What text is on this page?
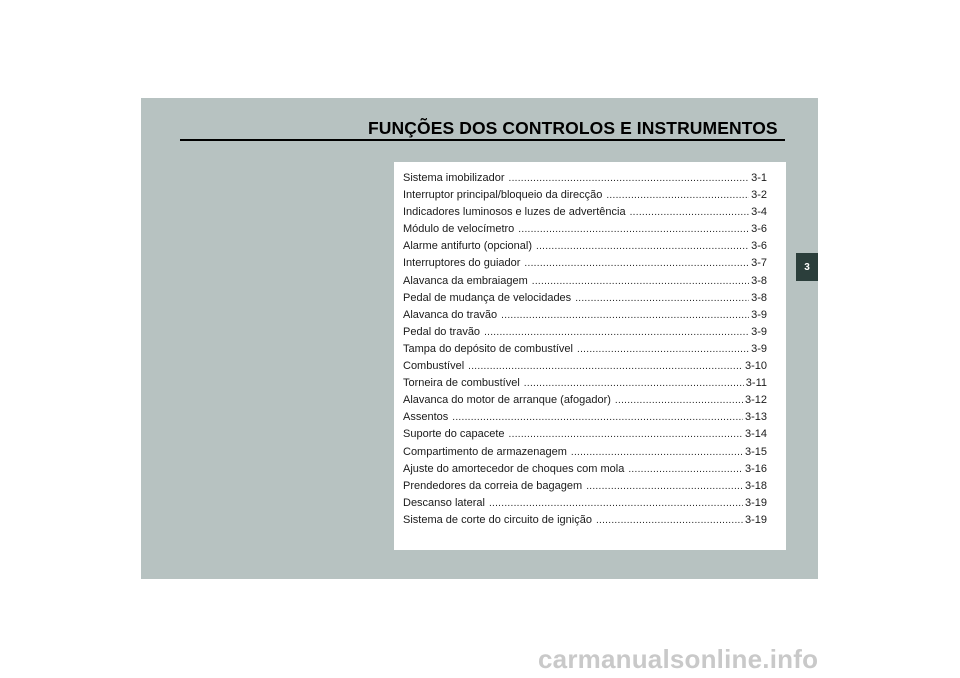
FUNÇÕES DOS CONTROLOS E INSTRUMENTOS
Sistema imobilizador .....	3-1
Interruptor principal/bloqueio da direcção .....	3-2
Indicadores luminosos e luzes de advertência .....	3-4
Módulo de velocímetro .....	3-6
Alarme antifurto (opcional) .....	3-6
Interruptores do guiador .....	3-7
Alavanca da embraiagem .....	3-8
Pedal de mudança de velocidades .....	3-8
Alavanca do travão .....	3-9
Pedal do travão .....	3-9
Tampa do depósito de combustível .....	3-9
Combustível .....	3-10
Torneira de combustível .....	3-11
Alavanca do motor de arranque (afogador) .....	3-12
Assentos .....	3-13
Suporte do capacete .....	3-14
Compartimento de armazenagem .....	3-15
Ajuste do amortecedor de choques com mola .....	3-16
Prendedores da correia de bagagem .....	3-18
Descanso lateral .....	3-19
Sistema de corte do circuito de ignição .....	3-19
3
carmanualsonline.info
